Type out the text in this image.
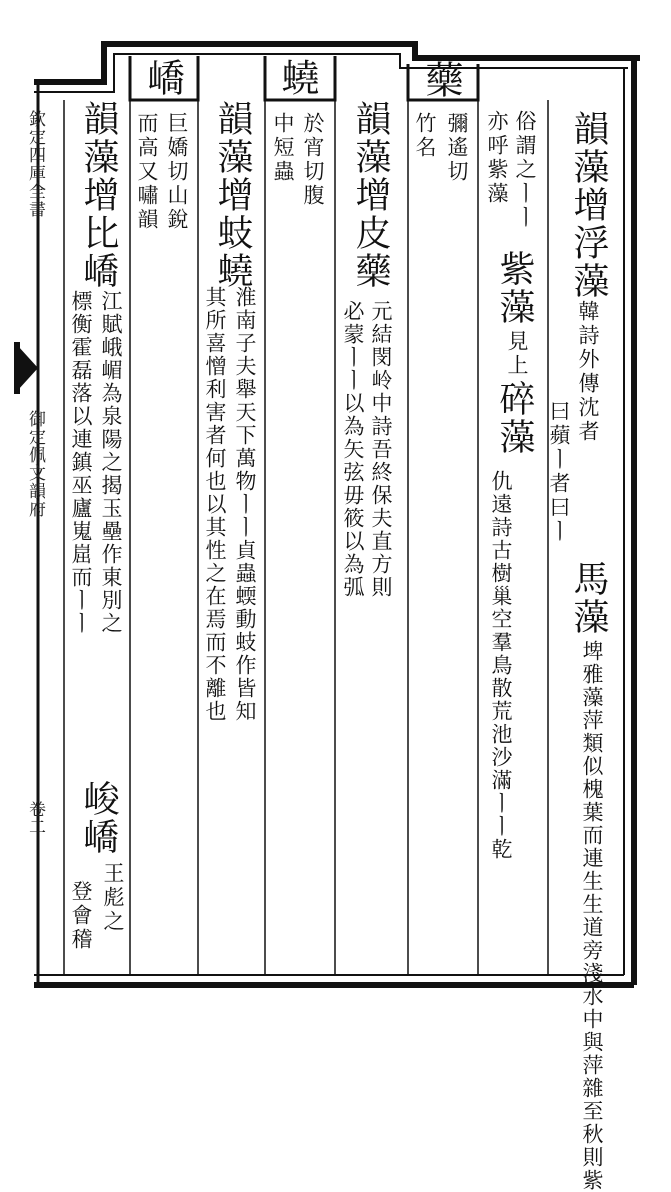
欽定四庫全書
御定佩文韻府
卷二
韻藻增浮藻韓詩外傳沈者
曰蘋ㅣ者曰ㅣ
馬藻
埤雅藻萍類似槐葉而連生生道旁淺水中與萍雜至秋則紫
俗謂之ㅣㅣ
亦呼紫藻
紫藻
見上
碎藻
仇遠詩古樹巢空羣鳥散荒池沙滿ㅣㅣ乾
藥
彌遙切
竹名
韻藻增皮藥
元結閔岭中詩吾終保夫直方則
必蒙ㅣㅣ以為矢弦毋筱以為弧
蟯
於宵切腹
中短蟲
韻藻增蚑蟯
淮南子夫舉天下萬物ㅣㅣ貞蟲蝡動蚑作皆知
其所喜憎利害者何也以其性之在焉而不離也
嶠
巨嬌切山銳
而高又嘯韻
韻藻增比嶠
江賦峨嵋為泉陽之揭玉壘作東別之
標衡霍磊落以連鎮巫廬嵬崫而ㅣㅣ
峻嶠
王彪之
登會稽
